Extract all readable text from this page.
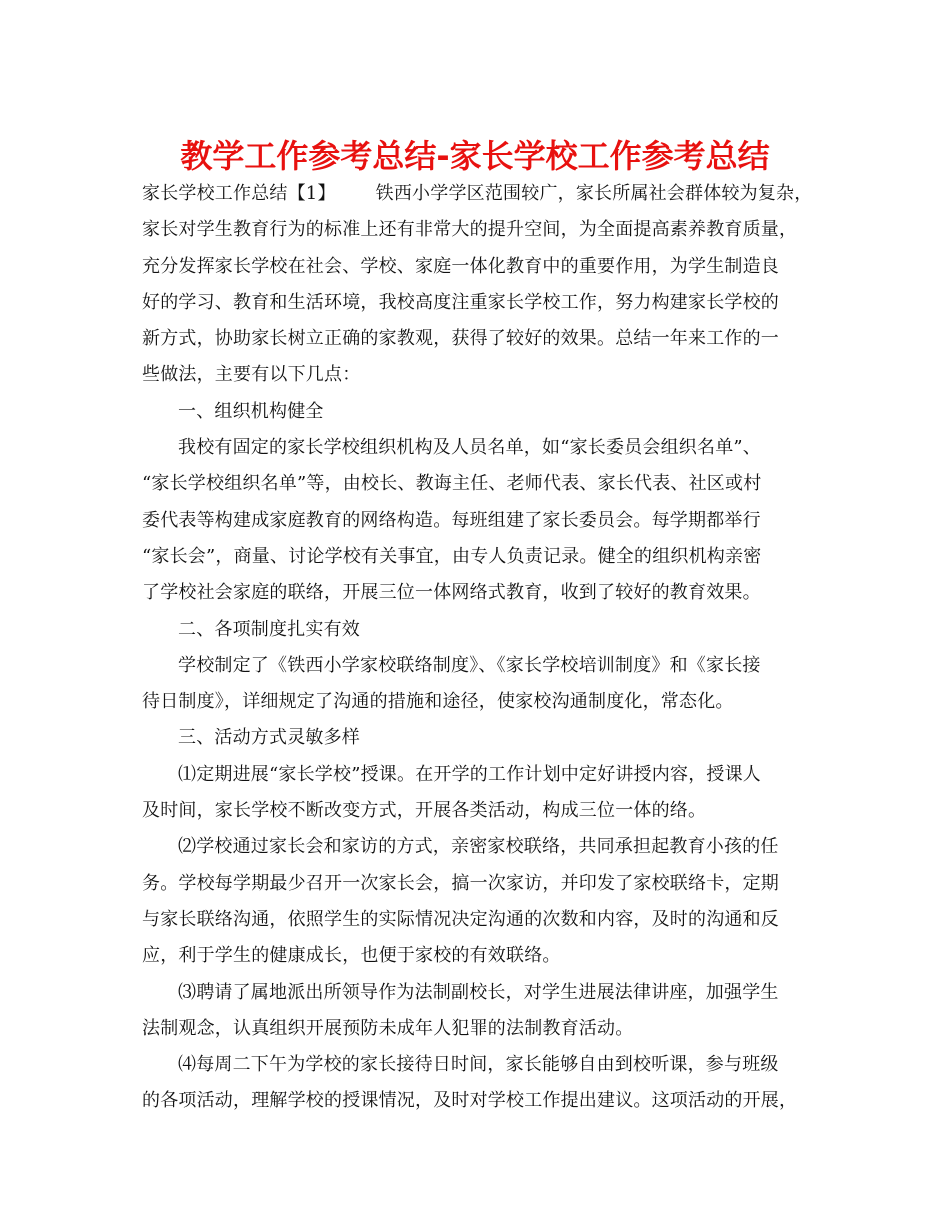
教学工作参考总结-家长学校工作参考总结
家长学校工作总结【1】 铁西小学学区范围较广，家长所属社会群体较为复杂，
家长对学生教育行为的标准上还有非常大的提升空间，为全面提高素养教育质量，
充分发挥家长学校在社会、学校、家庭一体化教育中的重要作用，为学生制造良
好的学习、教育和生活环境，我校高度注重家长学校工作，努力构建家长学校的
新方式，协助家长树立正确的家教观，获得了较好的效果。总结一年来工作的一
些做法，主要有以下几点：
一、组织机构健全
我校有固定的家长学校组织机构及人员名单，如“家长委员会组织名单”、
“家长学校组织名单”等，由校长、教诲主任、老师代表、家长代表、社区或村
委代表等构建成家庭教育的网络构造。每班组建了家长委员会。每学期都举行
“家长会”，商量、讨论学校有关事宜，由专人负责记录。健全的组织机构亲密
了学校社会家庭的联络，开展三位一体网络式教育，收到了较好的教育效果。
二、各项制度扎实有效
学校制定了《铁西小学家校联络制度》、《家长学校培训制度》和《家长接
待日制度》，详细规定了沟通的措施和途径，使家校沟通制度化，常态化。
三、活动方式灵敏多样
⑴定期进展“家长学校”授课。在开学的工作计划中定好讲授内容，授课人
及时间，家长学校不断改变方式，开展各类活动，构成三位一体的络。
⑵学校通过家长会和家访的方式，亲密家校联络，共同承担起教育小孩的任
务。学校每学期最少召开一次家长会，搞一次家访，并印发了家校联络卡，定期
与家长联络沟通，依照学生的实际情况决定沟通的次数和内容，及时的沟通和反
应，利于学生的健康成长，也便于家校的有效联络。
⑶聘请了属地派出所领导作为法制副校长，对学生进展法律讲座，加强学生
法制观念，认真组织开展预防未成年人犯罪的法制教育活动。
⑷每周二下午为学校的家长接待日时间，家长能够自由到校听课，参与班级
的各项活动，理解学校的授课情况，及时对学校工作提出建议。这项活动的开展，
